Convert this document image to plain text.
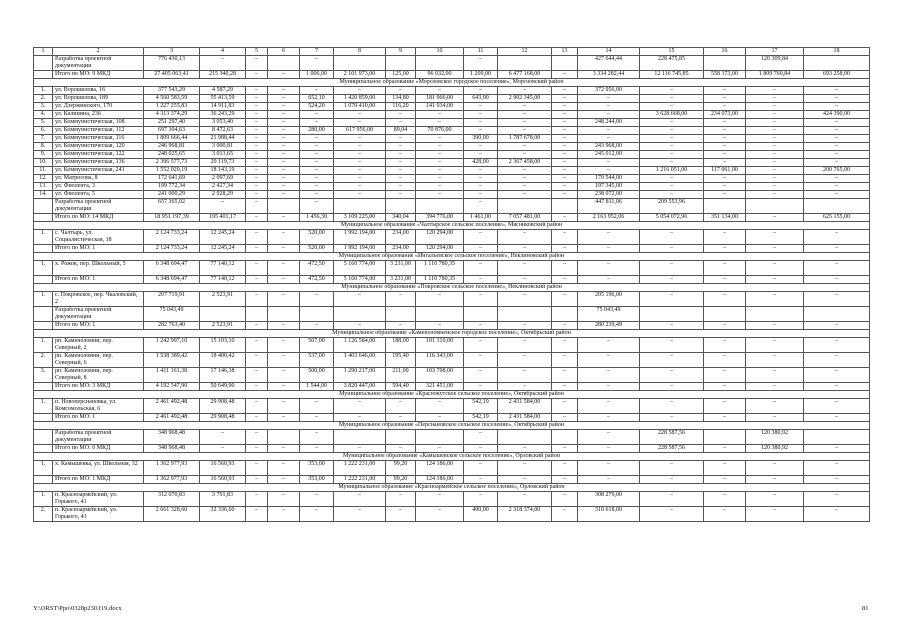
1	2	3	4	5	6	7	8	9	10	11	12	13	14	15	16	17	18
	Разработка проектной документации	776 430,13	–	–		–				–			427 644,44	228 475,85		120 309,84	
	Итого по МО: 9 МКД	27 405 063,41	215 340,28	–	–	1 006,00	2 101 973,00	125,00	96 032,00	1 209,00	6 477 168,00	–	3 334 282,44	12 116 745,85	558 373,00	1 809 760,84	693 258,00
Муниципальное образование «Морозовское городское поселение», Морозовский район																	
1.	ул. Ворошилова, 16	377 543,29	4 587,29	–	–	–	–	–	–	–	–	–	372 956,00	–	–	–	–
2.	ул. Ворошилова, 189	4 560 583,59	55 413,59	–	–	652,10	1 420 859,00	134,80	181 966,00	643,00	2 902 345,00	–	–	–	–	–	–
3.	ул. Дзержинского, 170	1 227 255,83	14 911,83	–	–	524,20	1 070 410,00	116,20	141 934,00	–	–	–	–	–	–	–	–
4.	ул. Калинина, 236	4 313 374,29	36 243,29	–	–	–	–	–	–	–	–	–	–	3 628 668,00	234 073,00	–	424 390,00
5.	ул. Коммунистическая, 108	251 297,40	3 053,40	–	–	–	–	–	–	–	–	–	248 244,00	–	–	–	–
6.	ул. Коммунистическая, 112	697 304,63	8 472,63	–	–	280,00	617 956,00	89,04	70 876,00	–	–	–	–	–	–	–	–
7.	ул. Коммунистическая, 116	1 809 666,44	21 988,44	–	–	–	–	–	–	390,00	1 787 678,00	–	–	–	–	–	–
8.	ул. Коммунистическая, 120	246 968,81	3 000,81	–	–	–	–	–	–	–	–	–	243 968,00	–	–	–	–
9.	ул. Коммунистическая, 122	248 025,65	3 013,65	–	–	–	–	–	–	–	–	–	245 012,00	–	–	–	–
10.	ул. Коммунистическая, 136	2 396 577,73	29 119,73	–	–	–	–	–	–	428,00	2 367 458,00	–	–	–	–	–	–
11.	ул. Коммунистическая, 241	1 552 020,19	18 143,19	–	–	–	–	–	–	–	–	–	–	1 216 051,00	117 061,00	–	200 765,00
12.	ул. Матросова, 8	172 641,69	2 097,69	–	–	–	–	–	–	–	–	–	170 544,00	–	–	–	–
13.	ул. Фиолента, 3	199 772,34	2 427,34	–	–	–	–	–	–	–	–	–	197 345,00	–	–	–	–
14.	ул. Фиолента, 5	241 000,29	2 928,29	–	–	–	–	–	–	–	–	–	238 072,00	–	–	–	–
	Разработка проектной документации	657 365,02	–	–		–				–			447 811,06	209 553,96			
	Итого по МО: 14 МКД	18 951 197,39	195 401,17	–	–	1 456,30	3 109 225,00	340,04	394 776,00	1 461,00	7 057 481,00	–	2 163 952,06	5 054 072,96	351 134,00	–	625 155,00
Муниципальное образование «Чалтырское сельское поселение», Мясниковский район																	
1.	с. Чалтырь, ул. Социалистическая, 18	2 124 733,24	12 245,24	–	–	520,00	1 992 194,00	234,00	120 294,00	–	–	–	–	–	–	–	–
	Итого по МО: 1	2 124 733,24	12 245,24	–	–	520,00	1 992 194,00	234,00	120 294,00	–	–	–	–	–	–	–	–
Муниципальное образование «Ингальевское сельское поселение», Неклиновский район																	
1.	х. Рожок, пер. Школьный, 5	6 348 694,47	77 140,12	–	–	472,50	5 160 774,00	3 231,00	1 110 780,35	–	–	–	–	–	–	–	–
	Итого по МО: 1	6 348 694,47	77 140,12	–	–	472,50	5 160 774,00	3 231,00	1 110 780,35	–	–	–	–	–	–	–	–
Муниципальное образование «Покровское сельское поселение», Неклиновский район																	
1.	с. Покровское, пер. Чкаловский, 2	207 719,91	2 523,91	–	–	–	–	–	–	–	–	–	205 196,00	–	–	–	–
	Разработка проектной документации	75 043,49											75 043,49				
	Итого по МО: 1	282 763,40	2 523,91	–	–	–	–	–	–	–	–	–	280 239,49	–	–	–	–
Муниципальное образование «Каменоломненское городское поселение», Октябрьский район																	
1.	рп. Каменоломни, пер. Северный, 2	1 242 997,10	15 103,10	–	–	507,00	1 126 584,00	188,00	101 310,00	–	–	–	–	–	–	–	–
2.	рп. Каменоломни, пер. Северный, 6	1 538 389,42	18 400,42	–	–	537,00	1 403 646,00	195,40	116 343,00	–	–	–	–	–	–	–	–
3.	рп. Каменоломни, пер. Северный, 8	1 411 161,38	17 146,38	–	–	500,00	1 290 217,00	211,00	103 798,00	–	–	–	–	–	–	–	–
	Итого по МО: 3 МКД	4 192 547,90	50 649,90	–	–	1 544,00	3 820 447,00	594,40	321 451,00	–	–	–	–	–	–	–	–
Муниципальное образование «Краснокутское сельское поселение», Октябрьский район																	
1.	п. Новоперсиановка, ул. Комсомольская, 6	2 461 492,48	29 908,48	–	–	–	–	–	–	542,19	2 431 584,00	–	–	–	–	–	–
	Итого по МО: 1	2 461 492,48	29 908,48	–	–	–	–	–	–	542,19	2 431 584,00	–	–	–	–	–	–
Муниципальное образование «Персиановское сельское поселение», Октябрьский район																	
	Разработка проектной документации	348 968,48	–	–		–				–			–	228 587,56		120 380,92	
	Итого по МО: 0 МКД	348 968,48	–	–	–	–	–	–	–	–	–	–	–	228 587,56	–	120 380,92	–
Муниципальное образование «Камышевское сельское поселение», Орловский район																	
1.	х. Камышевка, ул. Школьная, 32	1 362 977,93	16 560,93	–	–	353,00	1 222 231,00	99,20	124 186,00	–	–	–	–	–	–	–	–
	Итого по МО: 1 МКД	1 362 977,93	16 560,93	–	–	353,00	1 222 231,00	99,20	124 186,00	–	–	–	–	–	–	–	–
Муниципальное образование «Красноармейское сельское поселение», Орловский район																	
1.	п. Красноармейский, ул. Горького, 41	312 070,83	3 791,83	–	–	–	–	–	–	–	–	–	308 279,00	–	–	–	–
2.	п. Красноармейский, ул. Горького, 43	2 661 328,60	32 336,60	–	–	–	–	–	–	490,00	2 318 374,00	–	310 618,00	–	–	–	–
Y:\ORST\Ppo\0328p230.f19.docx	81
